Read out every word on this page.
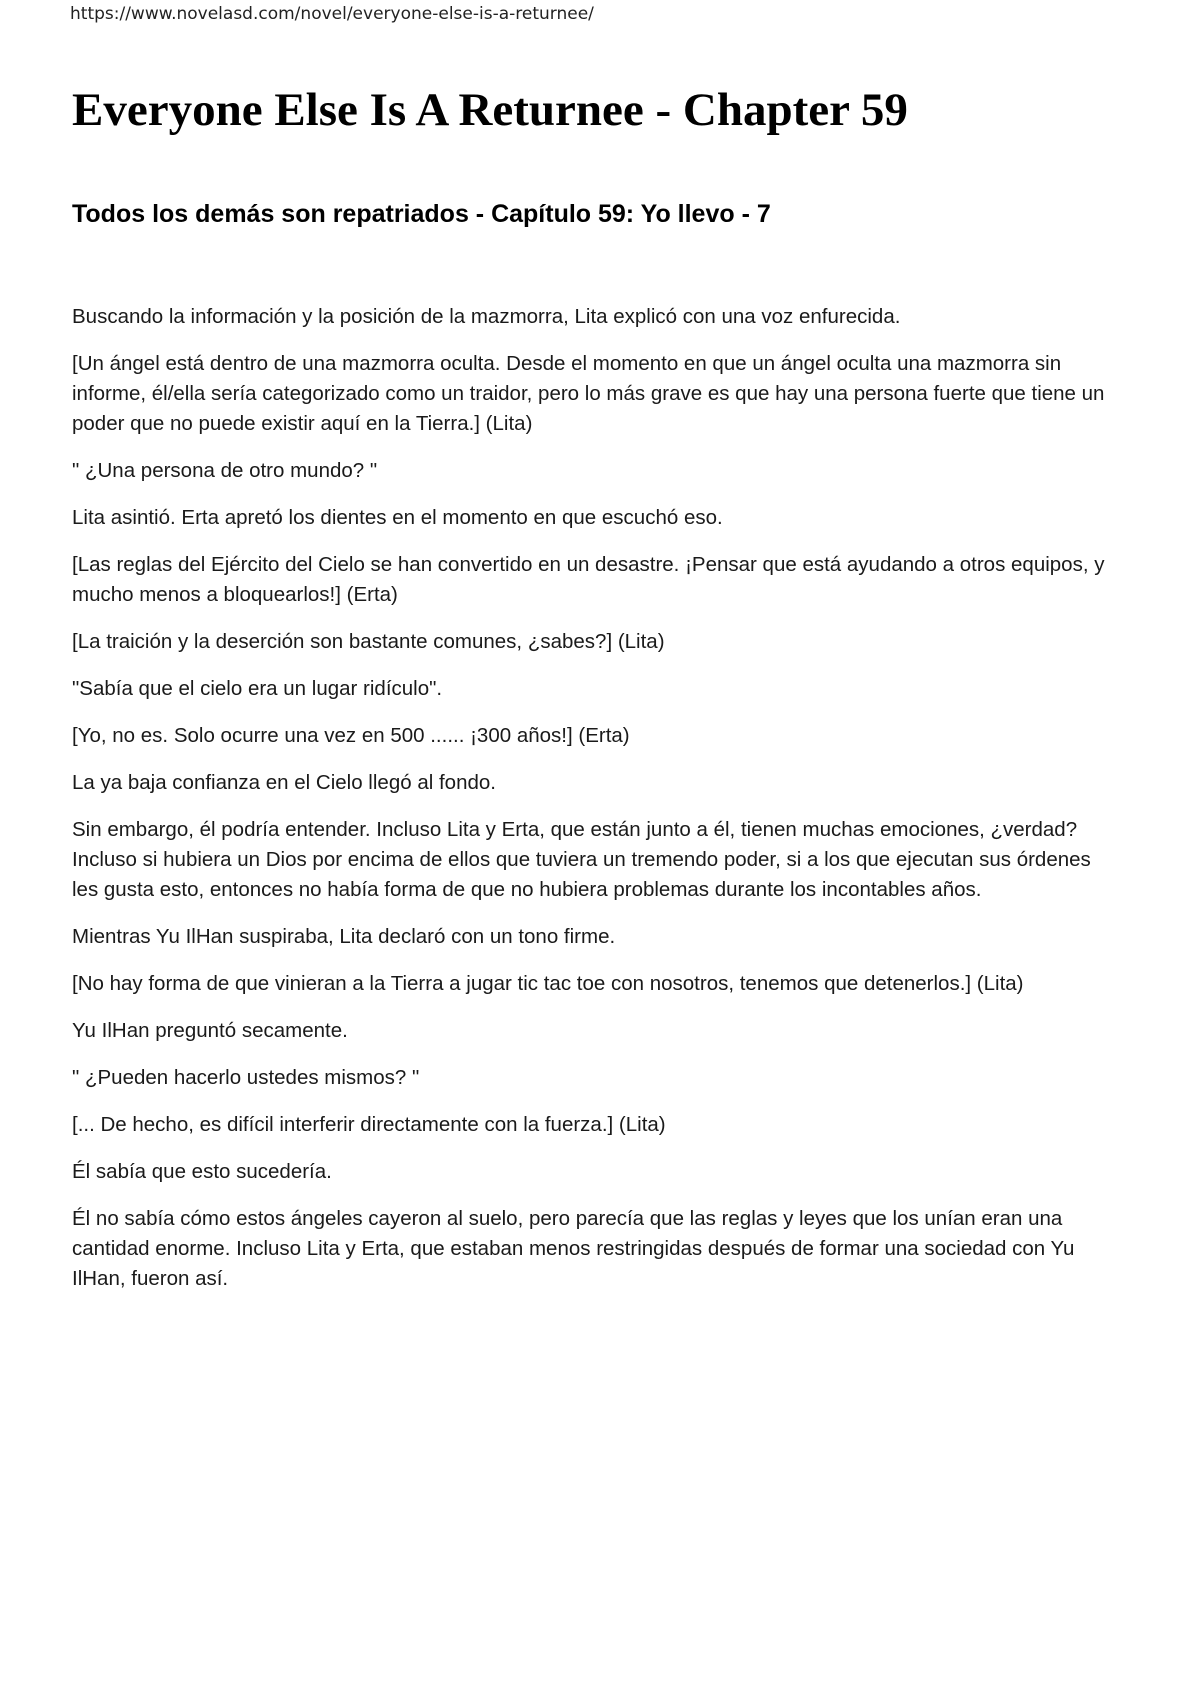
https://www.novelasd.com/novel/everyone-else-is-a-returnee/
Everyone Else Is A Returnee - Chapter 59
Todos los demás son repatriados - Capítulo 59: Yo llevo - 7

Buscando la información y la posición de la mazmorra, Lita explicó con una voz enfurecida.

[Un ángel está dentro de una mazmorra oculta. Desde el momento en que un ángel oculta una mazmorra sin informe, él/ella sería categorizado como un traidor, pero lo más grave es que hay una persona fuerte que tiene un poder que no puede existir aquí en la Tierra.] (Lita)

" ¿Una persona de otro mundo? "

Lita asintió. Erta apretó los dientes en el momento en que escuchó eso.

[Las reglas del Ejército del Cielo se han convertido en un desastre. ¡Pensar que está ayudando a otros equipos, y mucho menos a bloquearlos!] (Erta)

[La traición y la deserción son bastante comunes, ¿sabes?] (Lita)

"Sabía que el cielo era un lugar ridículo".

[Yo, no es. Solo ocurre una vez en 500 ...... ¡300 años!] (Erta)

La ya baja confianza en el Cielo llegó al fondo.

Sin embargo, él podría entender. Incluso Lita y Erta, que están junto a él, tienen muchas emociones, ¿verdad? Incluso si hubiera un Dios por encima de ellos que tuviera un tremendo poder, si a los que ejecutan sus órdenes les gusta esto, entonces no había forma de que no hubiera problemas durante los incontables años.

Mientras Yu IlHan suspiraba, Lita declaró con un tono firme.

[No hay forma de que vinieran a la Tierra a jugar tic tac toe con nosotros, tenemos que detenerlos.] (Lita)

Yu IlHan preguntó secamente.

" ¿Pueden hacerlo ustedes mismos? "

[... De hecho, es difícil interferir directamente con la fuerza.] (Lita)

Él sabía que esto sucedería.

Él no sabía cómo estos ángeles cayeron al suelo, pero parecía que las reglas y leyes que los unían eran una cantidad enorme. Incluso Lita y Erta, que estaban menos restringidas después de formar una sociedad con Yu IlHan, fueron así.
